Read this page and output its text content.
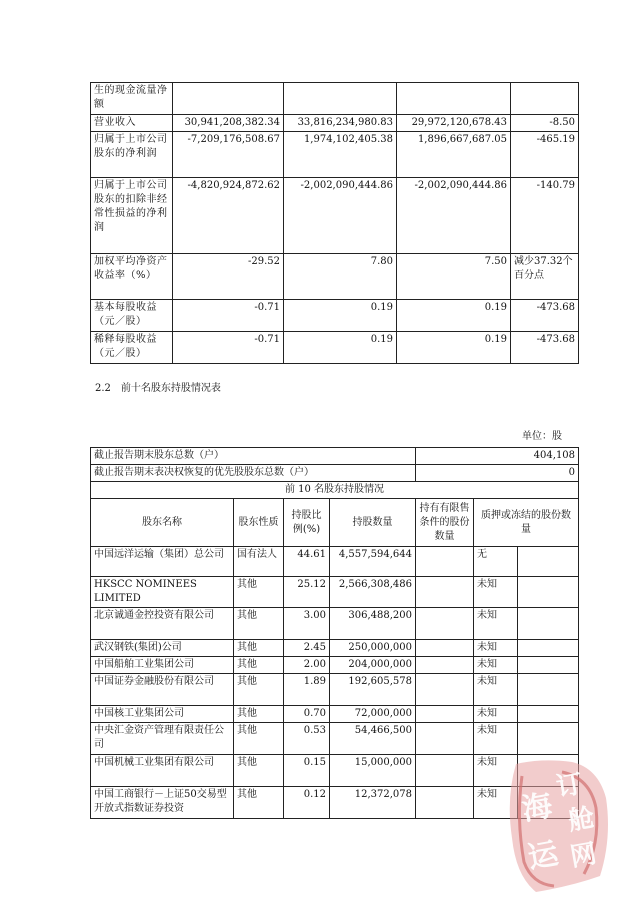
生的现金流量净额				
营业收入	30,941,208,382.34	33,816,234,980.83	29,972,120,678.43	-8.50
归属于上市公司股东的净利润	-7,209,176,508.67	1,974,102,405.38	1,896,667,687.05	-465.19
归属于上市公司股东的扣除非经常性损益的净利润	-4,820,924,872.62	-2,002,090,444.86	-2,002,090,444.86	-140.79
加权平均净资产收益率（%）	-29.52	7.80	7.50	减少37.32个百分点
基本每股收益（元／股）	-0.71	0.19	0.19	-473.68
稀释每股收益（元／股）	-0.71	0.19	0.19	-473.68
2.2　前十名股东持股情况表
单位：股
截止报告期末股东总数（户）				404,108		
截止报告期末表决权恢复的优先股股东总数（户）				0		
前 10 名股东持股情况						
股东名称	股东性质	持股比例(%)	持股数量	持有有限售条件的股份数量	质押或冻结的股份数量	
中国远洋运输（集团）总公司	国有法人	44.61	4,557,594,644		无	
HKSCC NOMINEES LIMITED	其他	25.12	2,566,308,486		未知	
北京诚通金控投资有限公司	其他	3.00	306,488,200		未知	
武汉钢铁(集团)公司	其他	2.45	250,000,000		未知	
中国船舶工业集团公司	其他	2.00	204,000,000		未知	
中国证券金融股份有限公司	其他	1.89	192,605,578		未知	
中国核工业集团公司	其他	0.70	72,000,000		未知	
中央汇金资产管理有限责任公司	其他	0.53	54,466,500		未知	
中国机械工业集团有限公司	其他	0.15	15,000,000		未知	
中国工商银行－上证50交易型开放式指数证券投资	其他	0.12	12,372,078		未知	订
舱
网
海
运
